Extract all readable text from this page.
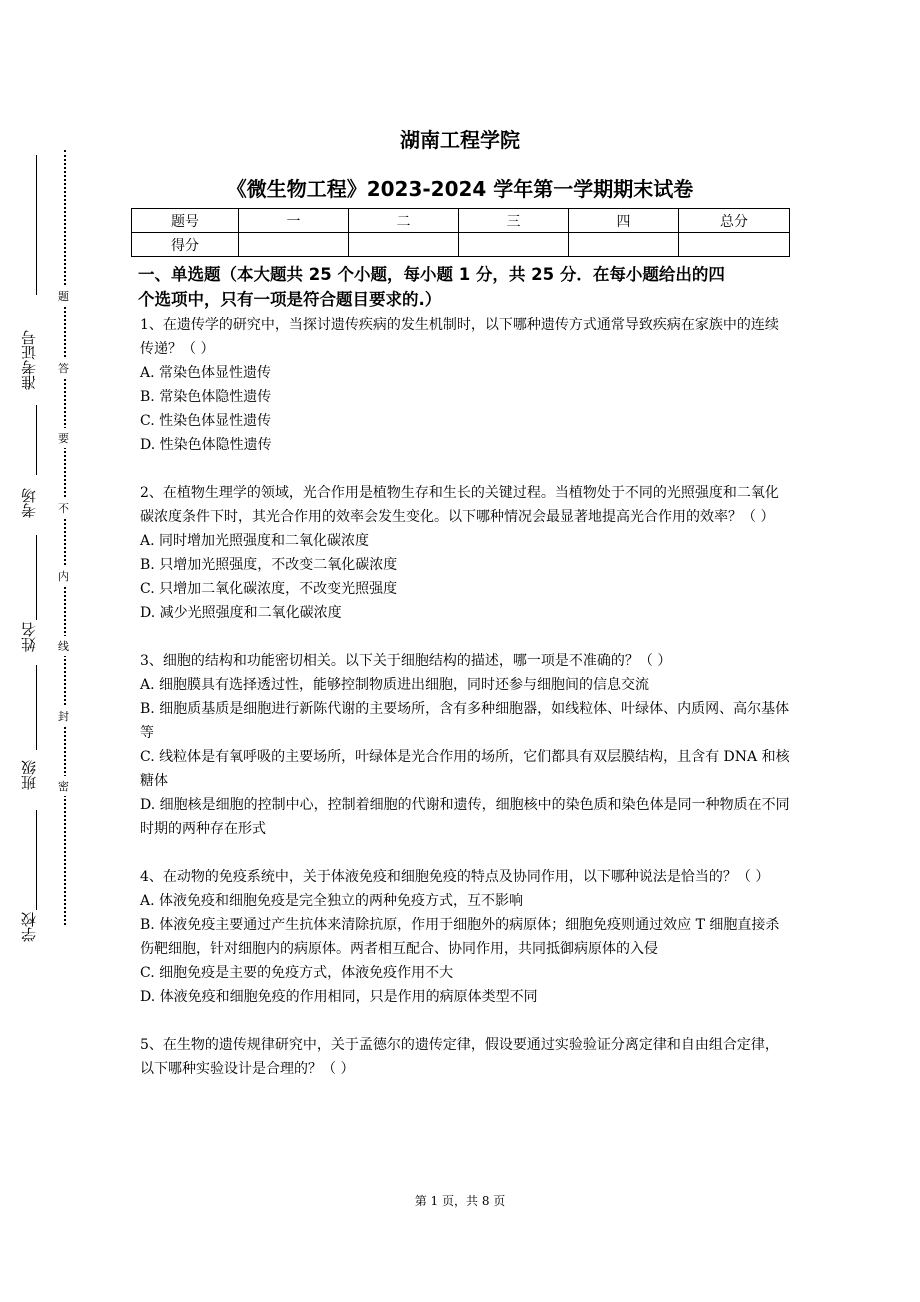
准考证号
考场
姓名
班级
学校
题
答
要
不
内
线
封
密
湖南工程学院
《微生物工程》2023-2024 学年第一学期期末试卷
题号	一	二	三	四	总分
得分					
一、单选题（本大题共 25 个小题，每小题 1 分，共 25 分．在每小题给出的四
个选项中，只有一项是符合题目要求的.）
1、在遗传学的研究中，当探讨遗传疾病的发生机制时，以下哪种遗传方式通常导致疾病在家族中的连续传递？（ ）
A. 常染色体显性遗传
B. 常染色体隐性遗传
C. 性染色体显性遗传
D. 性染色体隐性遗传
2、在植物生理学的领域，光合作用是植物生存和生长的关键过程。当植物处于不同的光照强度和二氧化碳浓度条件下时，其光合作用的效率会发生变化。以下哪种情况会最显著地提高光合作用的效率？（ ）
A. 同时增加光照强度和二氧化碳浓度
B. 只增加光照强度，不改变二氧化碳浓度
C. 只增加二氧化碳浓度，不改变光照强度
D. 减少光照强度和二氧化碳浓度
3、细胞的结构和功能密切相关。以下关于细胞结构的描述，哪一项是不准确的？（ ）
A. 细胞膜具有选择透过性，能够控制物质进出细胞，同时还参与细胞间的信息交流
B. 细胞质基质是细胞进行新陈代谢的主要场所，含有多种细胞器，如线粒体、叶绿体、内质网、高尔基体等
C. 线粒体是有氧呼吸的主要场所，叶绿体是光合作用的场所，它们都具有双层膜结构，且含有 DNA 和核糖体
D. 细胞核是细胞的控制中心，控制着细胞的代谢和遗传，细胞核中的染色质和染色体是同一种物质在不同时期的两种存在形式
4、在动物的免疫系统中，关于体液免疫和细胞免疫的特点及协同作用，以下哪种说法是恰当的？（ ）
A. 体液免疫和细胞免疫是完全独立的两种免疫方式，互不影响
B. 体液免疫主要通过产生抗体来清除抗原，作用于细胞外的病原体；细胞免疫则通过效应 T 细胞直接杀伤靶细胞，针对细胞内的病原体。两者相互配合、协同作用，共同抵御病原体的入侵
C. 细胞免疫是主要的免疫方式，体液免疫作用不大
D. 体液免疫和细胞免疫的作用相同，只是作用的病原体类型不同
5、在生物的遗传规律研究中，关于孟德尔的遗传定律，假设要通过实验验证分离定律和自由组合定律，以下哪种实验设计是合理的？（ ）
第 1 页，共 8 页
